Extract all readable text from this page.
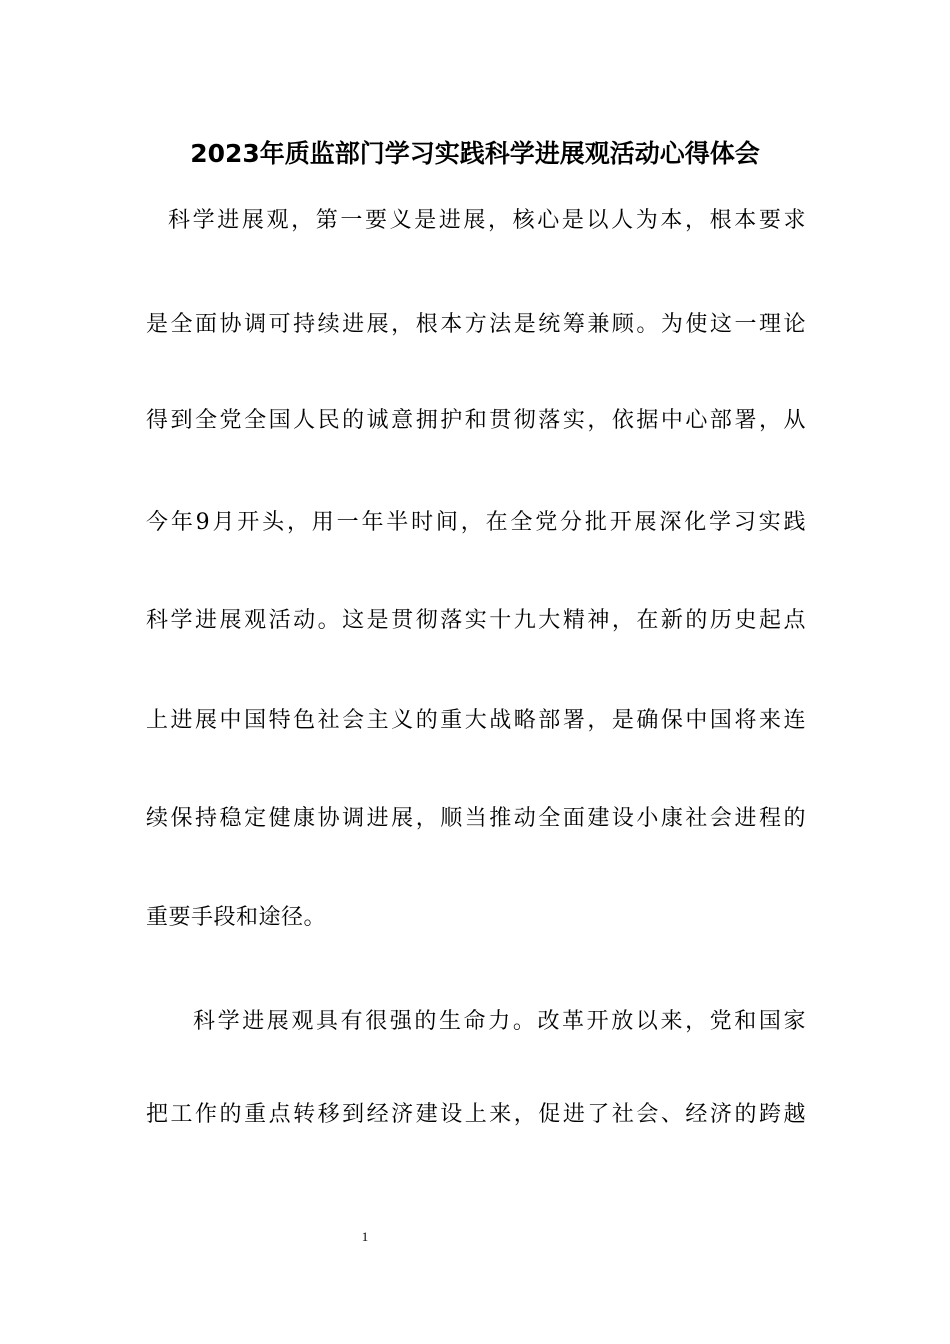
2023年质监部门学习实践科学进展观活动心得体会
科学进展观，第一要义是进展，核心是以人为本，根本要求
是全面协调可持续进展，根本方法是统筹兼顾。为使这一理论
得到全党全国人民的诚意拥护和贯彻落实，依据中心部署，从
今年9月开头，用一年半时间，在全党分批开展深化学习实践
科学进展观活动。这是贯彻落实十九大精神，在新的历史起点
上进展中国特色社会主义的重大战略部署，是确保中国将来连
续保持稳定健康协调进展，顺当推动全面建设小康社会进程的
重要手段和途径。
科学进展观具有很强的生命力。改革开放以来，党和国家
把工作的重点转移到经济建设上来，促进了社会、经济的跨越
1
